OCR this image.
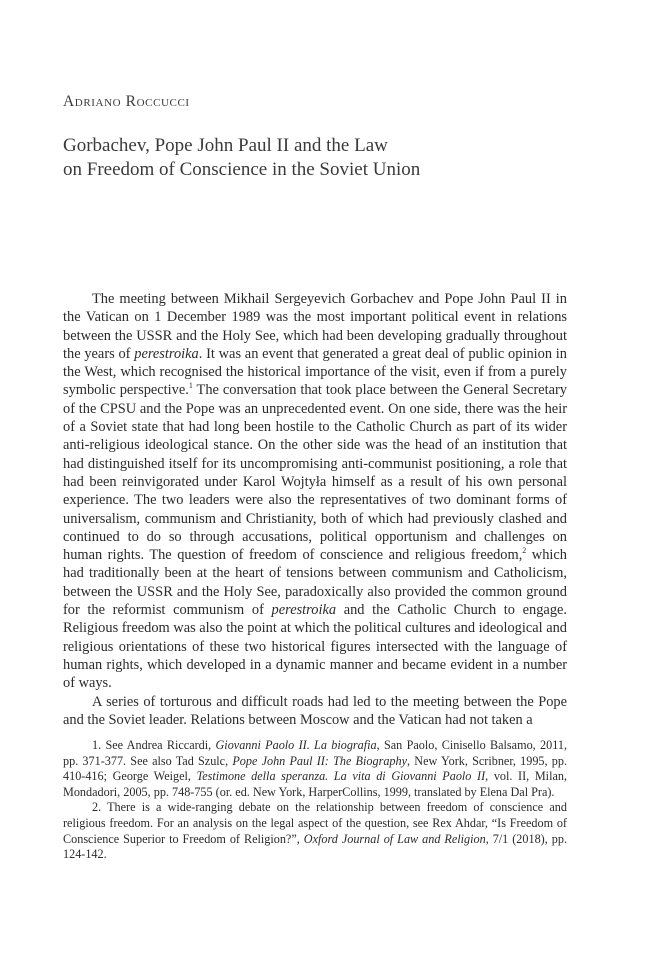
Adriano Roccucci
Gorbachev, Pope John Paul II and the Law
on Freedom of Conscience in the Soviet Union

The meeting between Mikhail Sergeyevich Gorbachev and Pope John Paul II in the Vatican on 1 December 1989 was the most important political event in relations between the USSR and the Holy See, which had been developing gradually throughout the years of perestroika. It was an event that generated a great deal of public opinion in the West, which recognised the historical importance of the visit, even if from a purely symbolic perspective.$^1$ The conversation that took place between the General Secretary of the CPSU and the Pope was an unprecedented event. On one side, there was the heir of a Soviet state that had long been hostile to the Catholic Church as part of its wider anti-religious ideological stance. On the other side was the head of an institution that had distinguished itself for its uncompromising anti-communist positioning, a role that had been reinvigorated under Karol Wojtyła himself as a result of his own personal experience. The two leaders were also the representatives of two dominant forms of universalism, communism and Christianity, both of which had previously clashed and continued to do so through accusations, political opportunism and challenges on human rights. The question of freedom of conscience and religious freedom,$^2$ which had traditionally been at the heart of tensions between communism and Catholicism, between the USSR and the Holy See, paradoxically also provided the common ground for the reformist communism of perestroika and the Catholic Church to engage. Religious freedom was also the point at which the political cultures and ideological and religious orientations of these two historical figures intersected with the language of human rights, which developed in a dynamic manner and became evident in a number of ways.

A series of torturous and difficult roads had led to the meeting between the Pope and the Soviet leader. Relations between Moscow and the Vatican had not taken a

1. See Andrea Riccardi, Giovanni Paolo II. La biografia, San Paolo, Cinisello Balsamo, 2011, pp. 371-377. See also Tad Szulc, Pope John Paul II: The Biography, New York, Scribner, 1995, pp. 410-416; George Weigel, Testimone della speranza. La vita di Giovanni Paolo II, vol. II, Milan, Mondadori, 2005, pp. 748-755 (or. ed. New York, HarperCollins, 1999, translated by Elena Dal Pra).

2. There is a wide-ranging debate on the relationship between freedom of conscience and religious freedom. For an analysis on the legal aspect of the question, see Rex Ahdar, “Is Freedom of Conscience Superior to Freedom of Religion?”, Oxford Journal of Law and Religion, 7/1 (2018), pp. 124-142.
